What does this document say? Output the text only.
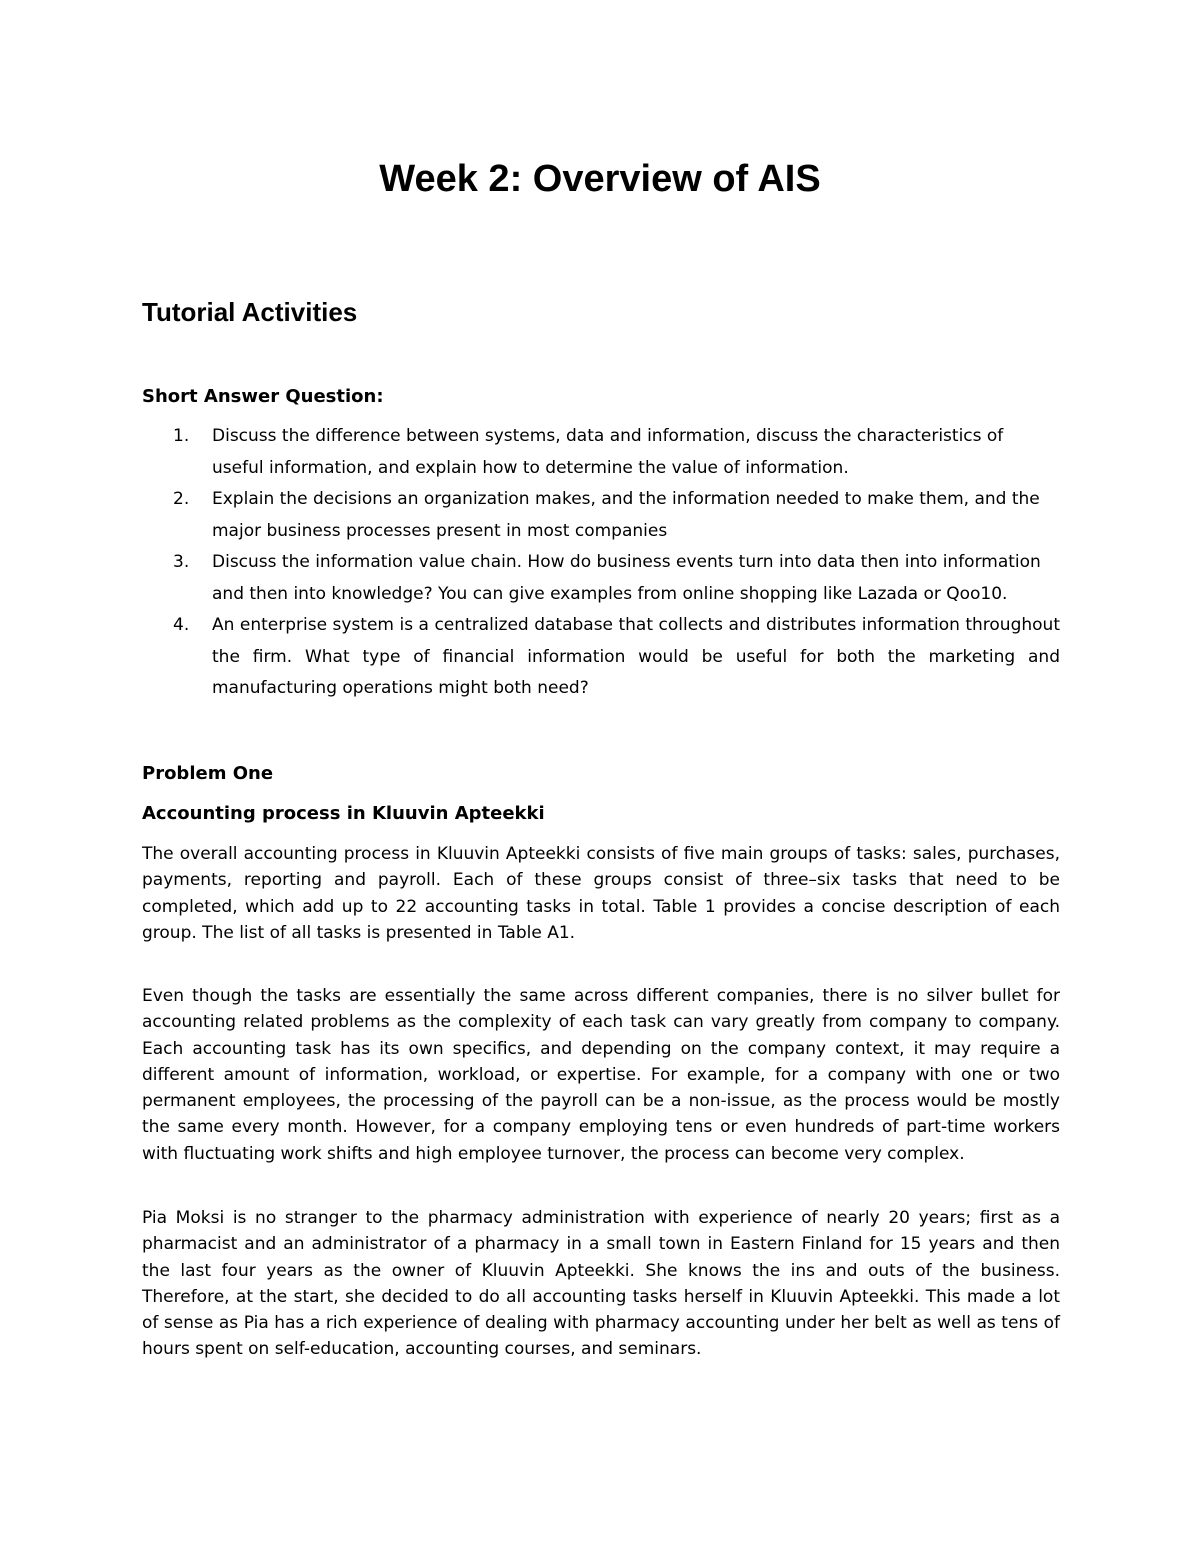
Week 2: Overview of AIS
Tutorial Activities
Short Answer Question:
1. Discuss the difference between systems, data and information, discuss the characteristics of useful information, and explain how to determine the value of information.
2. Explain the decisions an organization makes, and the information needed to make them, and the major business processes present in most companies
3. Discuss the information value chain. How do business events turn into data then into information and then into knowledge? You can give examples from online shopping like Lazada or Qoo10.
4. An enterprise system is a centralized database that collects and distributes information throughout the firm. What type of financial information would be useful for both the marketing and manufacturing operations might both need?
Problem One
Accounting process in Kluuvin Apteekki

The overall accounting process in Kluuvin Apteekki consists of five main groups of tasks: sales, purchases, payments, reporting and payroll. Each of these groups consist of three–six tasks that need to be completed, which add up to 22 accounting tasks in total. Table 1 provides a concise description of each group. The list of all tasks is presented in Table A1.

Even though the tasks are essentially the same across different companies, there is no silver bullet for accounting related problems as the complexity of each task can vary greatly from company to company. Each accounting task has its own specifics, and depending on the company context, it may require a different amount of information, workload, or expertise. For example, for a company with one or two permanent employees, the processing of the payroll can be a non-issue, as the process would be mostly the same every month. However, for a company employing tens or even hundreds of part-time workers with fluctuating work shifts and high employee turnover, the process can become very complex.

Pia Moksi is no stranger to the pharmacy administration with experience of nearly 20 years; first as a pharmacist and an administrator of a pharmacy in a small town in Eastern Finland for 15 years and then the last four years as the owner of Kluuvin Apteekki. She knows the ins and outs of the business. Therefore, at the start, she decided to do all accounting tasks herself in Kluuvin Apteekki. This made a lot of sense as Pia has a rich experience of dealing with pharmacy accounting under her belt as well as tens of hours spent on self-education, accounting courses, and seminars.
